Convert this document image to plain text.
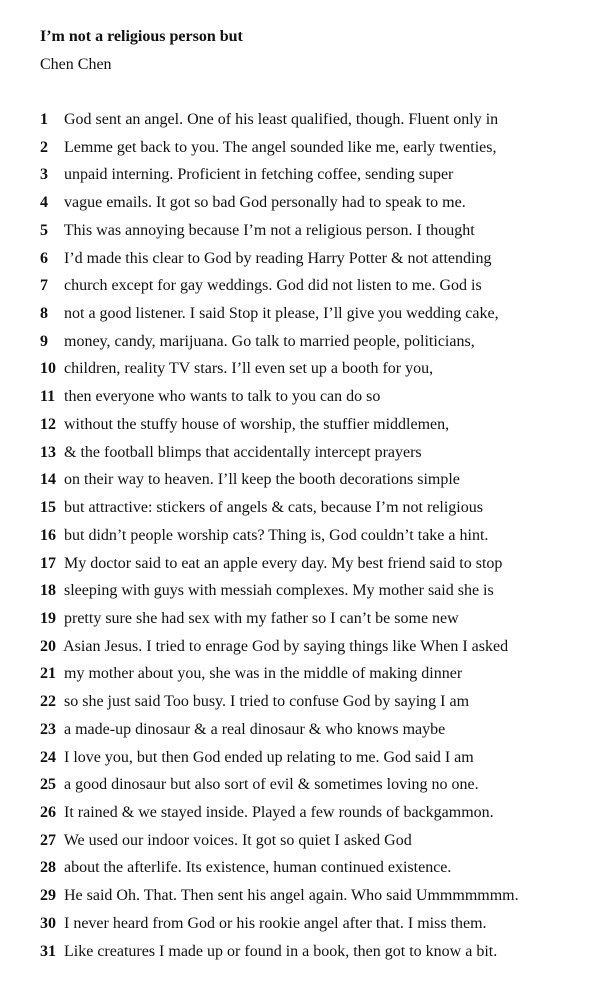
I’m not a religious person but
Chen Chen
1 God sent an angel. One of his least qualified, though. Fluent only in
2 Lemme get back to you. The angel sounded like me, early twenties,
3 unpaid interning. Proficient in fetching coffee, sending super
4 vague emails. It got so bad God personally had to speak to me.
5 This was annoying because I’m not a religious person. I thought
6 I’d made this clear to God by reading Harry Potter & not attending
7 church except for gay weddings. God did not listen to me. God is
8 not a good listener. I said Stop it please, I’ll give you wedding cake,
9 money, candy, marijuana. Go talk to married people, politicians,
10 children, reality TV stars. I’ll even set up a booth for you,
11 then everyone who wants to talk to you can do so
12 without the stuffy house of worship, the stuffier middlemen,
13 & the football blimps that accidentally intercept prayers
14 on their way to heaven. I’ll keep the booth decorations simple
15 but attractive: stickers of angels & cats, because I’m not religious
16 but didn’t people worship cats? Thing is, God couldn’t take a hint.
17 My doctor said to eat an apple every day. My best friend said to stop
18 sleeping with guys with messiah complexes. My mother said she is
19 pretty sure she had sex with my father so I can’t be some new
20 Asian Jesus. I tried to enrage God by saying things like When I asked
21 my mother about you, she was in the middle of making dinner
22 so she just said Too busy. I tried to confuse God by saying I am
23 a made-up dinosaur & a real dinosaur & who knows maybe
24 I love you, but then God ended up relating to me. God said I am
25 a good dinosaur but also sort of evil & sometimes loving no one.
26 It rained & we stayed inside. Played a few rounds of backgammon.
27 We used our indoor voices. It got so quiet I asked God
28 about the afterlife. Its existence, human continued existence.
29 He said Oh. That. Then sent his angel again. Who said Ummmmmmm.
30 I never heard from God or his rookie angel after that. I miss them.
31 Like creatures I made up or found in a book, then got to know a bit.
